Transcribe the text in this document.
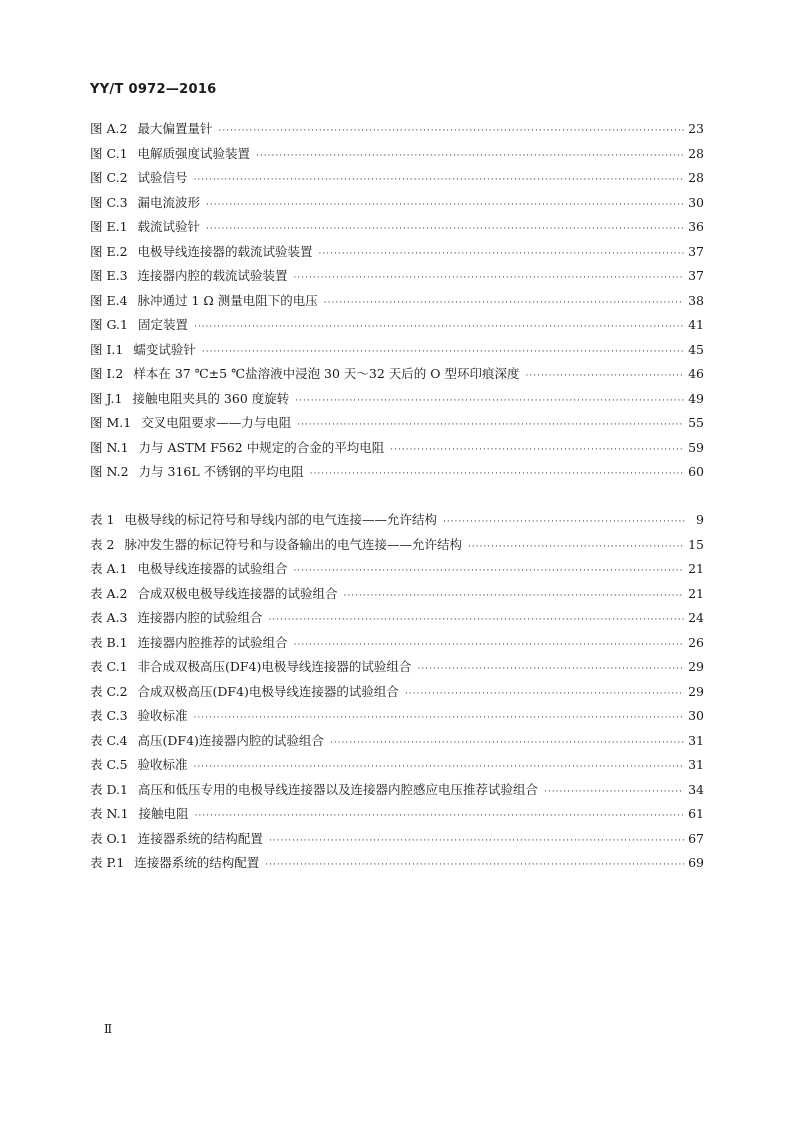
YY/T 0972—2016
图 A.2 最大偏置量针 ·····	23
图 C.1 电解质强度试验装置 ·····	28
图 C.2 试验信号 ·····	28
图 C.3 漏电流波形 ·····	30
图 E.1 载流试验针 ·····	36
图 E.2 电极导线连接器的载流试验装置 ·····	37
图 E.3 连接器内腔的载流试验装置 ·····	37
图 E.4 脉冲通过 1 Ω 测量电阻下的电压 ·····	38
图 G.1 固定装置 ·····	41
图 I.1 蠕变试验针 ·····	45
图 I.2 样本在 37 ℃±5 ℃盐溶液中浸泡 30 天～32 天后的 O 型环印痕深度 ·····	46
图 J.1 接触电阻夹具的 360 度旋转 ·····	49
图 M.1 交叉电阻要求——力与电阻 ·····	55
图 N.1 力与 ASTM F562 中规定的合金的平均电阻 ·····	59
图 N.2 力与 316L 不锈钢的平均电阻 ·····	60
表 1 电极导线的标记符号和导线内部的电气连接——允许结构 ·····	9
表 2 脉冲发生器的标记符号和与设备输出的电气连接——允许结构 ·····	15
表 A.1 电极导线连接器的试验组合 ·····	21
表 A.2 合成双极电极导线连接器的试验组合 ·····	21
表 A.3 连接器内腔的试验组合 ·····	24
表 B.1 连接器内腔推荐的试验组合 ·····	26
表 C.1 非合成双极高压(DF4)电极导线连接器的试验组合 ·····	29
表 C.2 合成双极高压(DF4)电极导线连接器的试验组合 ·····	29
表 C.3 验收标准 ·····	30
表 C.4 高压(DF4)连接器内腔的试验组合 ·····	31
表 C.5 验收标准 ·····	31
表 D.1 高压和低压专用的电极导线连接器以及连接器内腔感应电压推荐试验组合 ·····	34
表 N.1 接触电阻 ·····	61
表 O.1 连接器系统的结构配置 ·····	67
表 P.1 连接器系统的结构配置 ·····	69
Ⅱ
